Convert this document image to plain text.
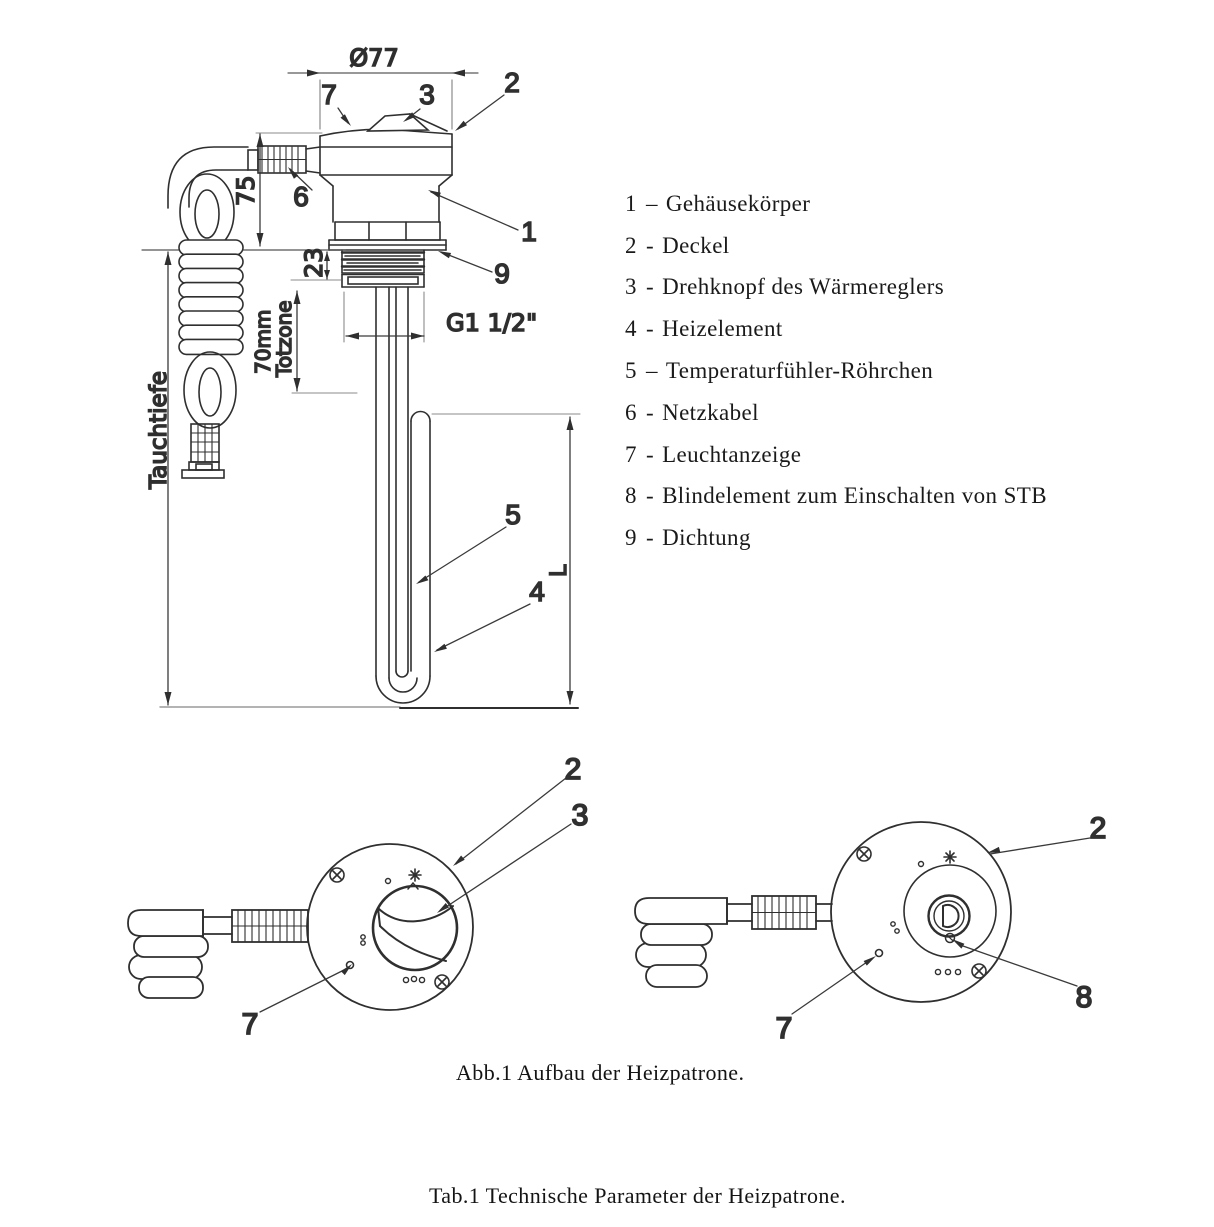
Ø77
75
23
70mm
Totzone
Tauchtiefe
G1 1/2"
L
7	3 2
6
1
9
5
4
2
3
7
2
8
7
1 – Gehäusekörper
2 - Deckel
3 - Drehknopf des Wärmereglers
4 - Heizelement
5 – Temperaturfühler-Röhrchen
6 - Netzkabel
7 - Leuchtanzeige
8 - Blindelement zum Einschalten von STB
9 - Dichtung
Abb.1 Aufbau der Heizpatrone.
Tab.1 Technische Parameter der Heizpatrone.
